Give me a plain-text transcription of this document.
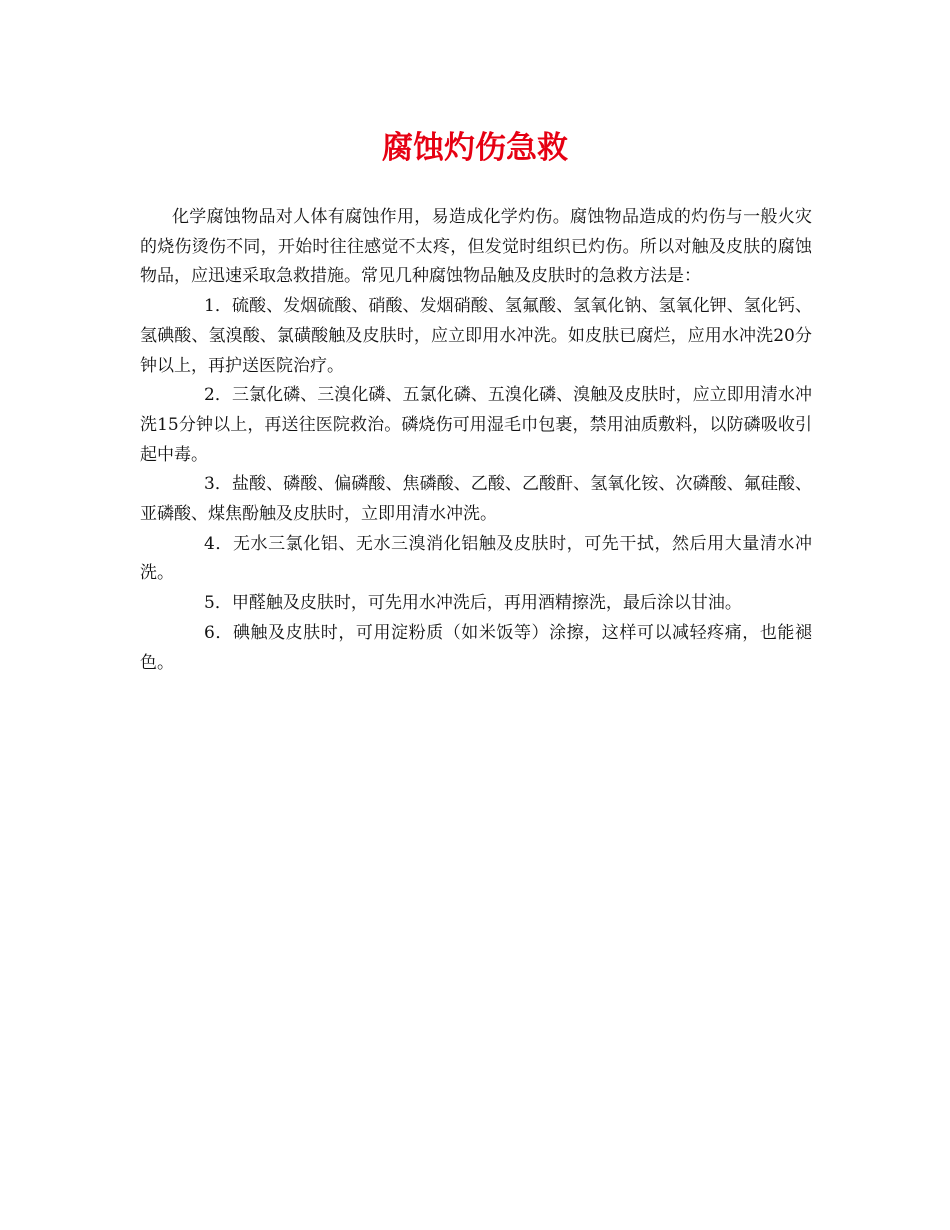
腐蚀灼伤急救

化学腐蚀物品对人体有腐蚀作用，易造成化学灼伤。腐蚀物品造成的灼伤与一般火灾的烧伤烫伤不同，开始时往往感觉不太疼，但发觉时组织已灼伤。所以对触及皮肤的腐蚀物品，应迅速采取急救措施。常见几种腐蚀物品触及皮肤时的急救方法是：

1．硫酸、发烟硫酸、硝酸、发烟硝酸、氢氟酸、氢氧化钠、氢氧化钾、氢化钙、氢碘酸、氢溴酸、氯磺酸触及皮肤时，应立即用水冲洗。如皮肤已腐烂，应用水冲洗20分钟以上，再护送医院治疗。

2．三氯化磷、三溴化磷、五氯化磷、五溴化磷、溴触及皮肤时，应立即用清水冲洗15分钟以上，再送往医院救治。磷烧伤可用湿毛巾包裹，禁用油质敷料，以防磷吸收引起中毒。

3．盐酸、磷酸、偏磷酸、焦磷酸、乙酸、乙酸酐、氢氧化铵、次磷酸、氟硅酸、亚磷酸、煤焦酚触及皮肤时，立即用清水冲洗。

4．无水三氯化铝、无水三溴消化铝触及皮肤时，可先干拭，然后用大量清水冲洗。

5．甲醛触及皮肤时，可先用水冲洗后，再用酒精擦洗，最后涂以甘油。

6．碘触及皮肤时，可用淀粉质（如米饭等）涂擦，这样可以减轻疼痛，也能褪色。
